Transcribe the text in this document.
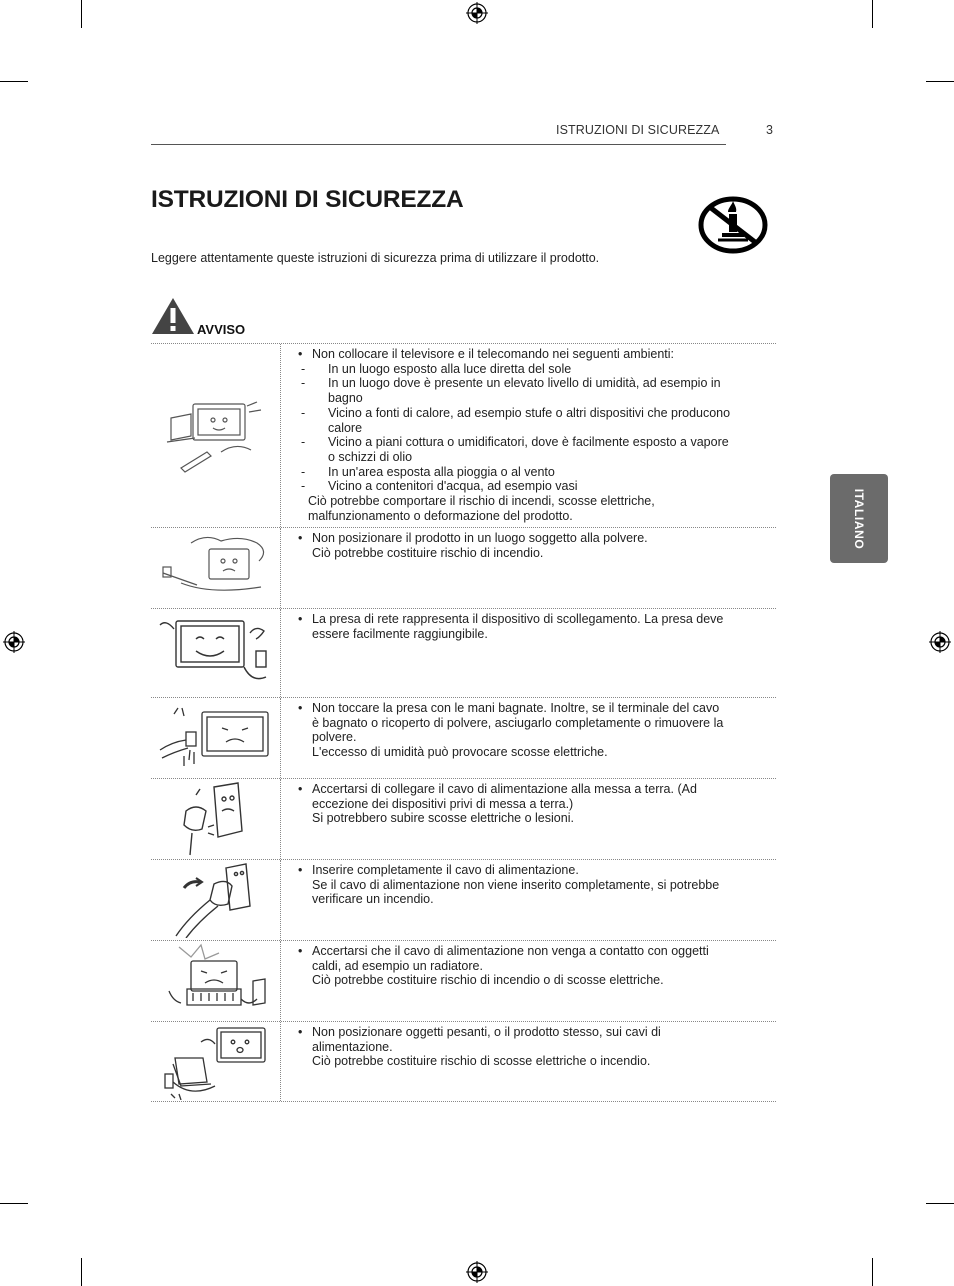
ISTRUZIONI DI SICUREZZA	3
ISTRUZIONI DI SICUREZZA

Leggere attentamente queste istruzioni di sicurezza prima di utilizzare il prodotto.

AVVISO
ITALIANO
• Non collocare il televisore e il telecomando nei seguenti ambienti:
- In un luogo esposto alla luce diretta del sole
- In un luogo dove è presente un elevato livello di umidità, ad esempio in
bagno
- Vicino a fonti di calore, ad esempio stufe o altri dispositivi che producono
calore
- Vicino a piani cottura o umidificatori, dove è facilmente esposto a vapore
o schizzi di olio
- In un'area esposta alla pioggia o al vento
- Vicino a contenitori d'acqua, ad esempio vasi
Ciò potrebbe comportare il rischio di incendi, scosse elettriche,
malfunzionamento o deformazione del prodotto.
• Non posizionare il prodotto in un luogo soggetto alla polvere.
Ciò potrebbe costituire rischio di incendio.
• La presa di rete rappresenta il dispositivo di scollegamento. La presa deve
essere facilmente raggiungibile.
• Non toccare la presa con le mani bagnate. Inoltre, se il terminale del cavo
è bagnato o ricoperto di polvere, asciugarlo completamente o rimuovere la
polvere.
L'eccesso di umidità può provocare scosse elettriche.
• Accertarsi di collegare il cavo di alimentazione alla messa a terra. (Ad
eccezione dei dispositivi privi di messa a terra.)
Si potrebbero subire scosse elettriche o lesioni.
• Inserire completamente il cavo di alimentazione.
Se il cavo di alimentazione non viene inserito completamente, si potrebbe
verificare un incendio.
• Accertarsi che il cavo di alimentazione non venga a contatto con oggetti
caldi, ad esempio un radiatore.
Ciò potrebbe costituire rischio di incendio o di scosse elettriche.
• Non posizionare oggetti pesanti, o il prodotto stesso, sui cavi di
alimentazione.
Ciò potrebbe costituire rischio di scosse elettriche o incendio.
